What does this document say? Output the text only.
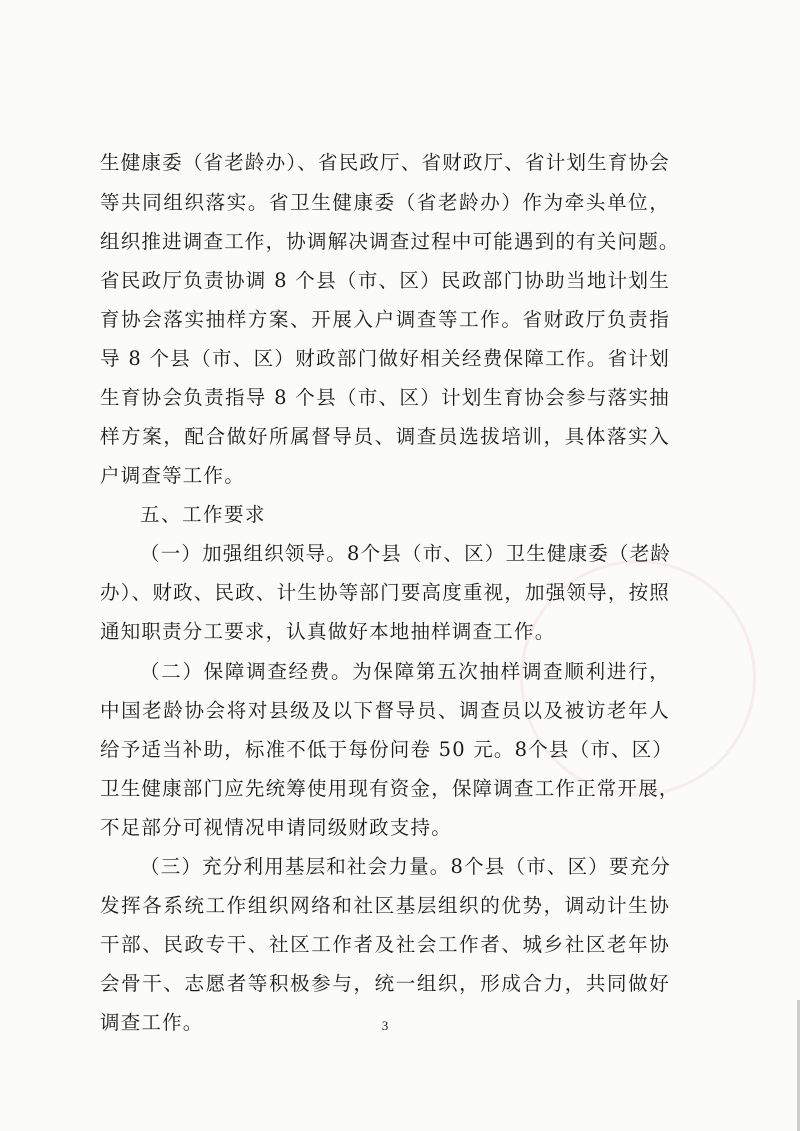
生健康委（省老龄办）、省民政厅、省财政厅、省计划生育协会
等共同组织落实。省卫生健康委（省老龄办）作为牵头单位，
组织推进调查工作，协调解决调查过程中可能遇到的有关问题。
省民政厅负责协调 8 个县（市、区）民政部门协助当地计划生
育协会落实抽样方案、开展入户调查等工作。省财政厅负责指
导 8 个县（市、区）财政部门做好相关经费保障工作。省计划
生育协会负责指导 8 个县（市、区）计划生育协会参与落实抽
样方案，配合做好所属督导员、调查员选拔培训，具体落实入
户调查等工作。
五、工作要求
（一）加强组织领导。8个县（市、区）卫生健康委（老龄
办）、财政、民政、计生协等部门要高度重视，加强领导，按照
通知职责分工要求，认真做好本地抽样调查工作。
（二）保障调查经费。为保障第五次抽样调查顺利进行，
中国老龄协会将对县级及以下督导员、调查员以及被访老年人
给予适当补助，标准不低于每份问卷 50 元。8个县（市、区）
卫生健康部门应先统筹使用现有资金，保障调查工作正常开展，
不足部分可视情况申请同级财政支持。
（三）充分利用基层和社会力量。8个县（市、区）要充分
发挥各系统工作组织网络和社区基层组织的优势，调动计生协
干部、民政专干、社区工作者及社会工作者、城乡社区老年协
会骨干、志愿者等积极参与，统一组织，形成合力，共同做好
调查工作。	3
